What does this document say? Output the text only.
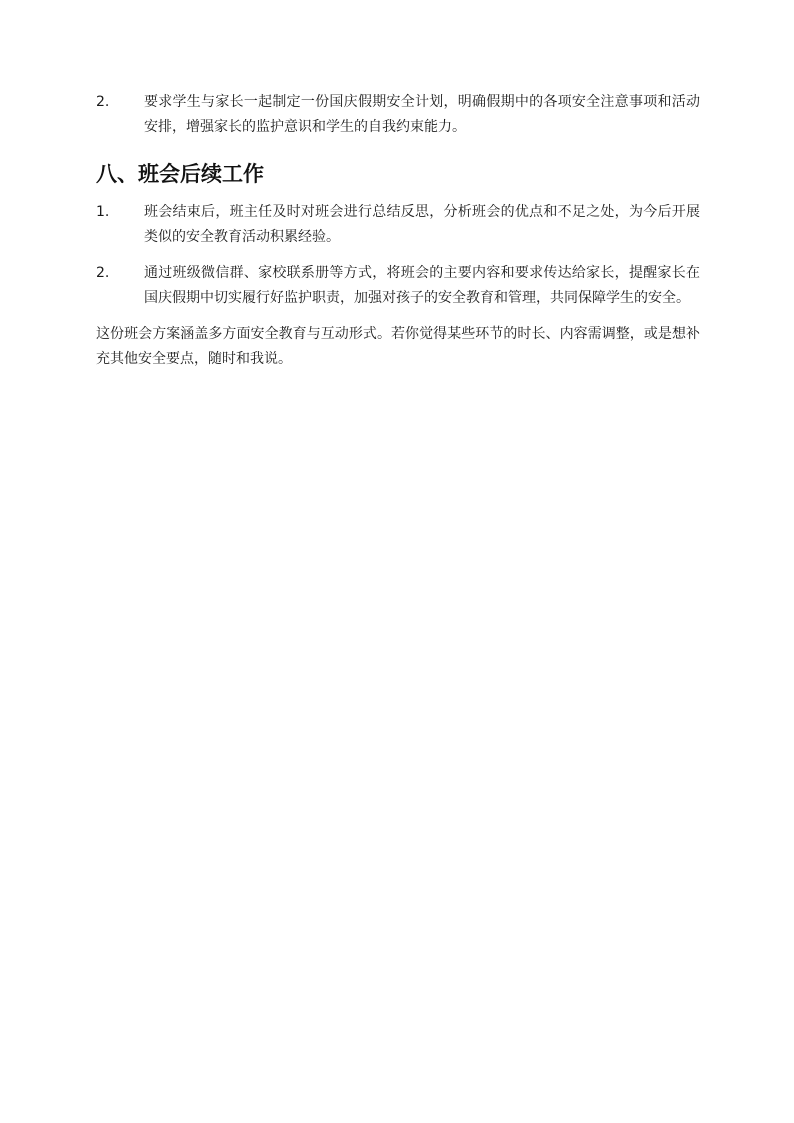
2.	要求学生与家长一起制定一份国庆假期安全计划，明确假期中的各项安全注意事项和活动安排，增强家长的监护意识和学生的自我约束能力。
八、班会后续工作
1.	班会结束后，班主任及时对班会进行总结反思，分析班会的优点和不足之处，为今后开展类似的安全教育活动积累经验。
2.	通过班级微信群、家校联系册等方式，将班会的主要内容和要求传达给家长，提醒家长在国庆假期中切实履行好监护职责，加强对孩子的安全教育和管理，共同保障学生的安全。

这份班会方案涵盖多方面安全教育与互动形式。若你觉得某些环节的时长、内容需调整，或是想补充其他安全要点，随时和我说。
